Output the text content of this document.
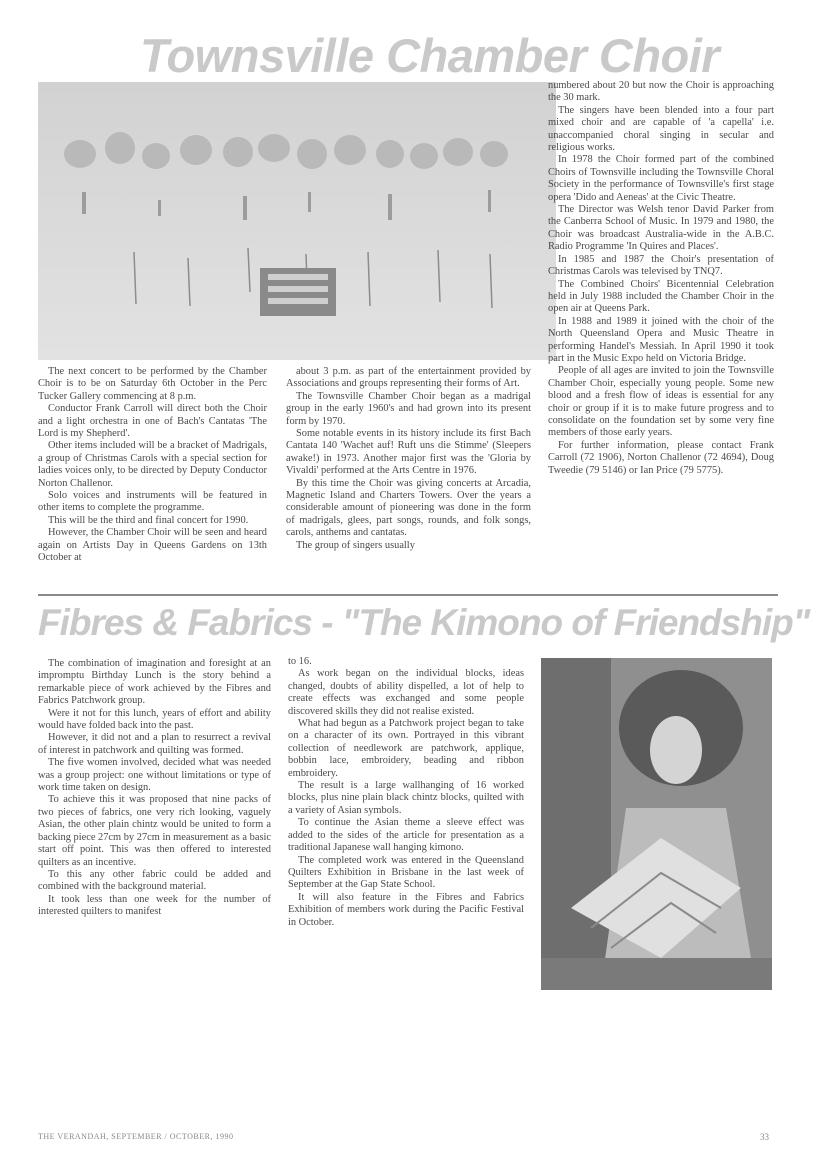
Townsville Chamber Choir

The next concert to be performed by the Chamber Choir is to be on Saturday 6th October in the Perc Tucker Gallery commencing at 8 p.m.

Conductor Frank Carroll will direct both the Choir and a light orchestra in one of Bach's Cantatas 'The Lord is my Shepherd'.

Other items included will be a bracket of Madrigals, a group of Christmas Carols with a special section for ladies voices only, to be directed by Deputy Conductor Norton Challenor.

Solo voices and instruments will be featured in other items to complete the programme.

This will be the third and final concert for 1990.

However, the Chamber Choir will be seen and heard again on Artists Day in Queens Gardens on 13th October at

about 3 p.m. as part of the entertainment provided by Associations and groups representing their forms of Art.

The Townsville Chamber Choir began as a madrigal group in the early 1960's and had grown into its present form by 1970.

Some notable events in its history include its first Bach Cantata 140 'Wachet auf! Ruft uns die Stimme' (Sleepers awake!) in 1973. Another major first was the 'Gloria by Vivaldi' performed at the Arts Centre in 1976.

By this time the Choir was giving concerts at Arcadia, Magnetic Island and Charters Towers. Over the years a considerable amount of pioneering was done in the form of madrigals, glees, part songs, rounds, and folk songs, carols, anthems and cantatas.

The group of singers usually

numbered about 20 but now the Choir is approaching the 30 mark.

The singers have been blended into a four part mixed choir and are capable of 'a capella' i.e. unaccompanied choral singing in secular and religious works.

In 1978 the Choir formed part of the combined Choirs of Townsville including the Townsville Choral Society in the performance of Townsville's first stage opera 'Dido and Aeneas' at the Civic Theatre.

The Director was Welsh tenor David Parker from the Canberra School of Music. In 1979 and 1980, the Choir was broadcast Australia-wide in the A.B.C. Radio Programme 'In Quires and Places'.

In 1985 and 1987 the Choir's presentation of Christmas Carols was televised by TNQ7.

The Combined Choirs' Bicentennial Celebration held in July 1988 included the Chamber Choir in the open air at Queens Park.

In 1988 and 1989 it joined with the choir of the North Queensland Opera and Music Theatre in performing Handel's Messiah. In April 1990 it took part in the Music Expo held on Victoria Bridge.

People of all ages are invited to join the Townsville Chamber Choir, especially young people. Some new blood and a fresh flow of ideas is essential for any choir or group if it is to make future progress and to consolidate on the foundation set by some very fine members of those early years.

For further information, please contact Frank Carroll (72 1906), Norton Challenor (72 4694), Doug Tweedie (79 5146) or Ian Price (79 5775).

Fibres & Fabrics - "The Kimono of Friendship"

The combination of imagination and foresight at an impromptu Birthday Lunch is the story behind a remarkable piece of work achieved by the Fibres and Fabrics Patchwork group.

Were it not for this lunch, years of effort and ability would have folded back into the past.

However, it did not and a plan to resurrect a revival of interest in patchwork and quilting was formed.

The five women involved, decided what was needed was a group project: one without limitations or type of work time taken on design.

To achieve this it was proposed that nine packs of two pieces of fabrics, one very rich looking, vaguely Asian, the other plain chintz would be united to form a backing piece 27cm by 27cm in measurement as a basic start off point. This was then offered to interested quilters as an incentive.

To this any other fabric could be added and combined with the background material.

It took less than one week for the number of interested quilters to manifest

to 16.

As work began on the individual blocks, ideas changed, doubts of ability dispelled, a lot of help to create effects was exchanged and some people discovered skills they did not realise existed.

What had begun as a Patchwork project began to take on a character of its own. Portrayed in this vibrant collection of needlework are patchwork, applique, bobbin lace, embroidery, beading and ribbon embroidery.

The result is a large wallhanging of 16 worked blocks, plus nine plain black chintz blocks, quilted with a variety of Asian symbols.

To continue the Asian theme a sleeve effect was added to the sides of the article for presentation as a traditional Japanese wall hanging kimono.

The completed work was entered in the Queensland Quilters Exhibition in Brisbane in the last week of September at the Gap State School.

It will also feature in the Fibres and Fabrics Exhibition of members work during the Pacific Festival in October.

THE VERANDAH, SEPTEMBER / OCTOBER, 1990	33
